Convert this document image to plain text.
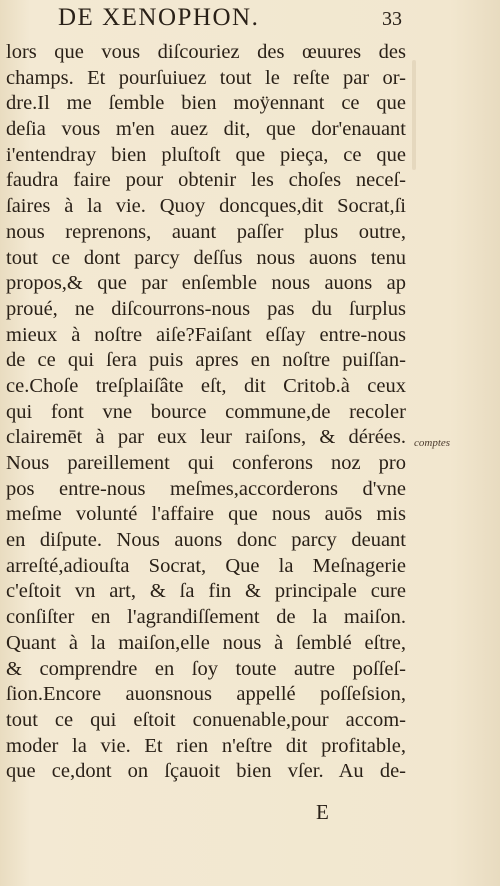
DE XENOPHON.	33
lors que vous diſcouriez des œuures des
champs. Et pourſuiuez tout le reſte par or-
dre.Il me ſemble bien moÿennant ce que
deſia vous m'en auez dit, que dor'enauant
i'entendray bien pluſtoſt que pieça, ce que
faudra faire pour obtenir les choſes neceſ-
ſaires à la vie. Quoy doncques,dit Socrat,ſi
nous reprenons, auant paſſer plus outre,
tout ce dont parcy deſſus nous auons tenu
propos,& que par enſemble nous auons ap
proué, ne diſcourrons-nous pas du ſurplus
mieux à noſtre aiſe?Faiſant eſſay entre-nous
de ce qui ſera puis apres en noſtre puiſſan-
ce.Choſe treſplaiſâte eſt, dit Critob.à ceux
qui font vne bource commune,de recoler
clairemēt à par eux leur raiſons, & dérées.
Nous pareillement qui conferons noz pro
pos entre-nous meſmes,accorderons d'vne
meſme volunté l'affaire que nous auōs mis
en diſpute. Nous auons donc parcy deuant
arreſté,adiouſta Socrat, Que la Meſnagerie
c'eſtoit vn art, & ſa fin & principale cure
conſiſter en l'agrandiſſement de la maiſon.
Quant à la maiſon,elle nous à ſemblé eſtre,
& comprendre en ſoy toute autre poſſeſ-
ſion.Encore auonsnous appellé poſſeſsion,
tout ce qui eſtoit conuenable,pour accom-
moder la vie. Et rien n'eſtre dit profitable,
que ce,dont on ſçauoit bien vſer. Au de-
comptes
E
